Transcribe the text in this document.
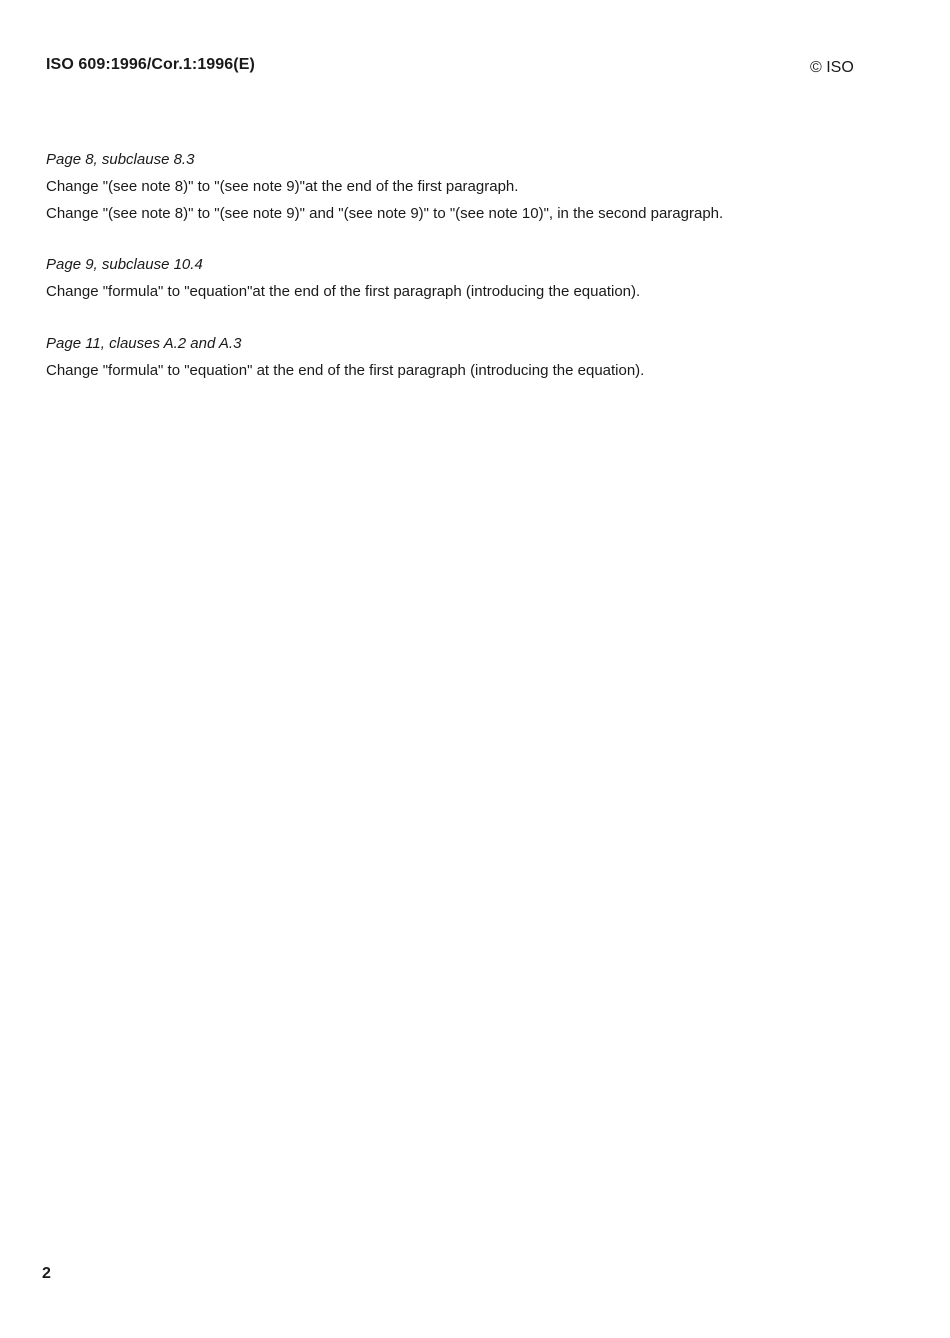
ISO 609:1996/Cor.1:1996(E)	© ISO

Page 8, subclause 8.3

Change "(see note 8)" to "(see note 9)"at the end of the first paragraph.

Change "(see note 8)" to "(see note 9)" and "(see note 9)" to "(see note 10)", in the second paragraph.

Page 9, subclause 10.4

Change "formula" to "equation"at the end of the first paragraph (introducing the equation).

Page 11, clauses A.2 and A.3

Change "formula" to "equation" at the end of the first paragraph (introducing the equation).

2
